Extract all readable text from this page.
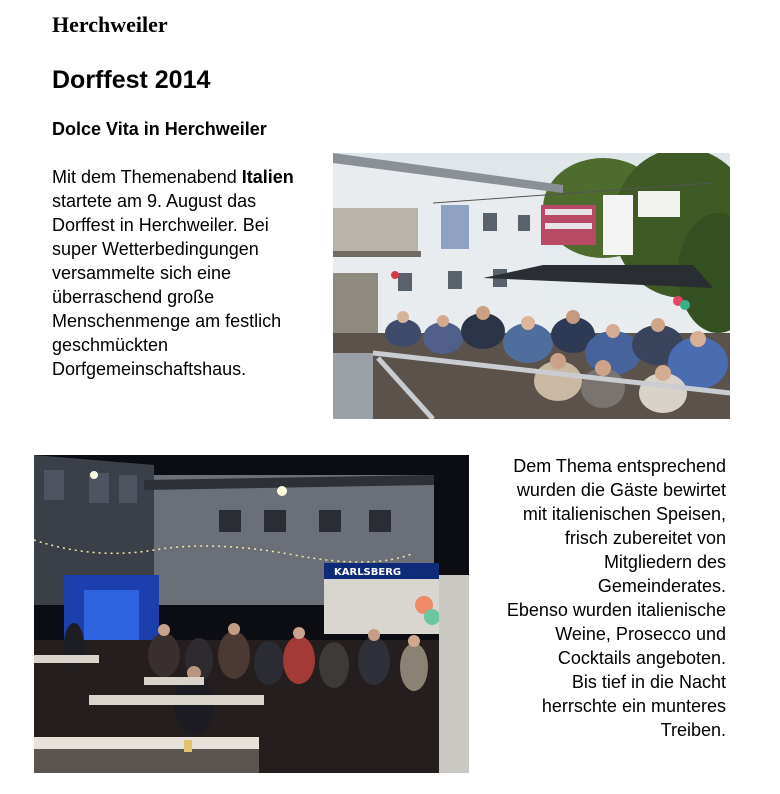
Herchweiler
Dorffest 2014
Dolce Vita in Herchweiler
Mit dem Themenabend Italien
startete am 9. August das
Dorffest in Herchweiler. Bei
super Wetterbedingungen
versammelte sich eine
überraschend große
Menschenmenge am festlich
geschmückten
Dorfgemeinschaftshaus.
Dem Thema entsprechend
wurden die Gäste bewirtet
mit italienischen Speisen,
frisch zubereitet von
Mitgliedern des
Gemeinderates.
Ebenso wurden italienische
Weine, Prosecco und
Cocktails angeboten.
Bis tief in die Nacht
herrschte ein munteres
Treiben.
KARLSBERG
